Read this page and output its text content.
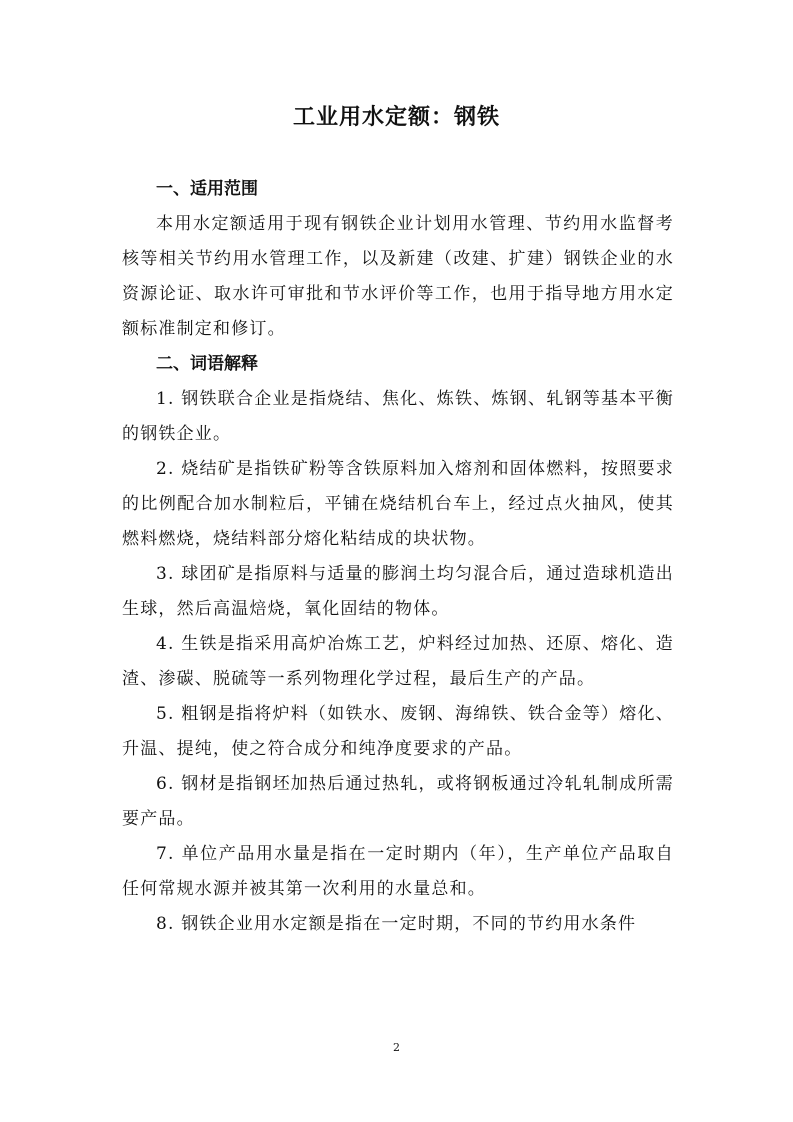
工业用水定额：钢铁

一、适用范围

本用水定额适用于现有钢铁企业计划用水管理、节约用水监督考核等相关节约用水管理工作，以及新建（改建、扩建）钢铁企业的水资源论证、取水许可审批和节水评价等工作，也用于指导地方用水定额标准制定和修订。

二、词语解释

1. 钢铁联合企业是指烧结、焦化、炼铁、炼钢、轧钢等基本平衡的钢铁企业。

2. 烧结矿是指铁矿粉等含铁原料加入熔剂和固体燃料，按照要求的比例配合加水制粒后，平铺在烧结机台车上，经过点火抽风，使其燃料燃烧，烧结料部分熔化粘结成的块状物。

3. 球团矿是指原料与适量的膨润土均匀混合后，通过造球机造出生球，然后高温焙烧，氧化固结的物体。

4. 生铁是指采用高炉冶炼工艺，炉料经过加热、还原、熔化、造渣、渗碳、脱硫等一系列物理化学过程，最后生产的产品。

5. 粗钢是指将炉料（如铁水、废钢、海绵铁、铁合金等）熔化、升温、提纯，使之符合成分和纯净度要求的产品。

6. 钢材是指钢坯加热后通过热轧，或将钢板通过冷轧轧制成所需要产品。

7. 单位产品用水量是指在一定时期内（年），生产单位产品取自任何常规水源并被其第一次利用的水量总和。

8. 钢铁企业用水定额是指在一定时期，不同的节约用水条件

2
